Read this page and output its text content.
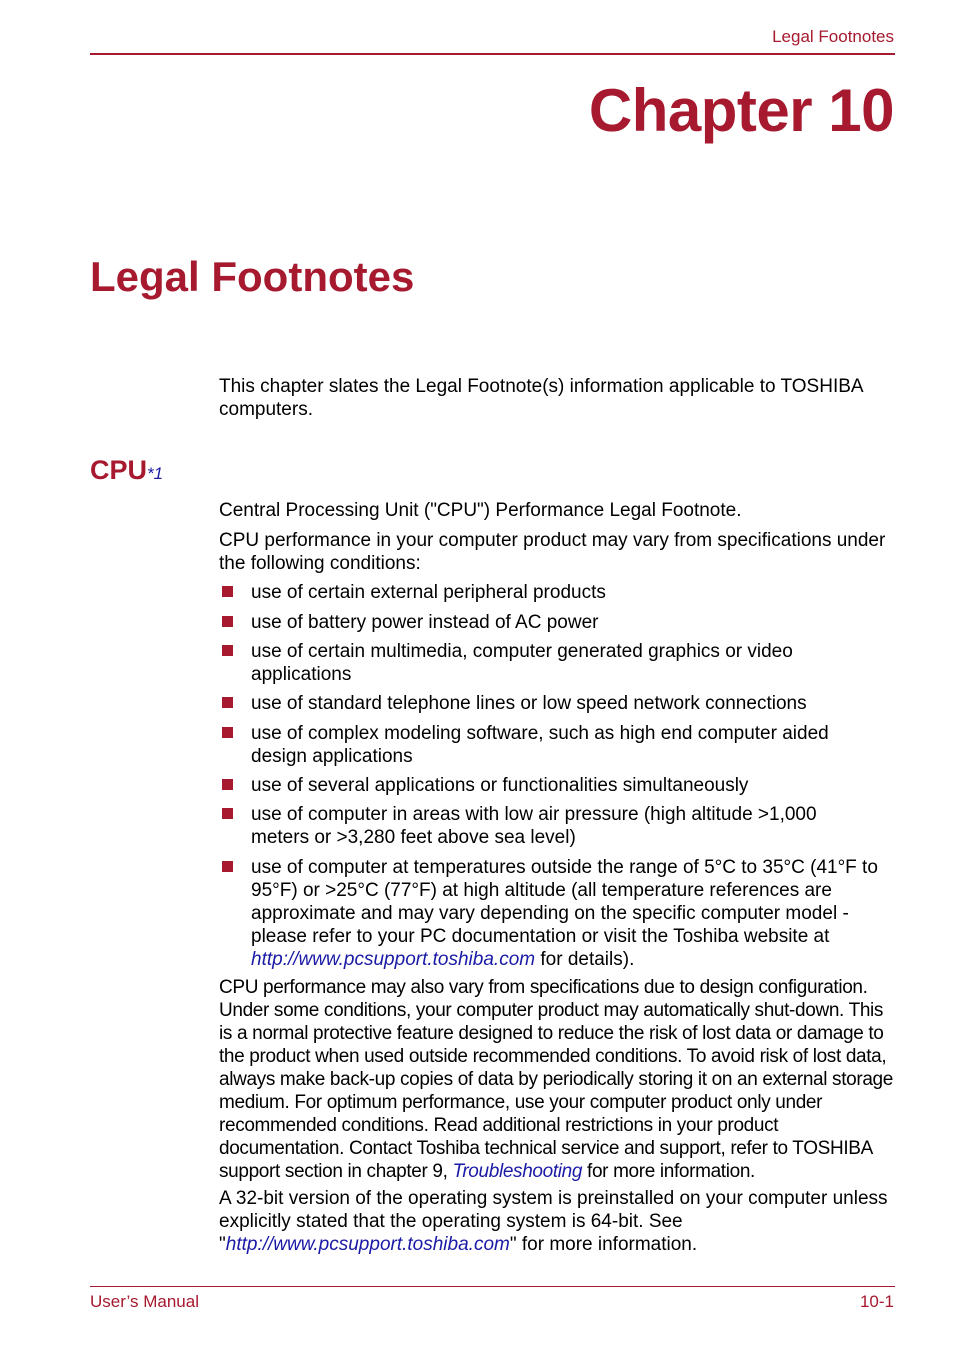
Legal Footnotes

Chapter 10
Legal Footnotes

This chapter slates the Legal Footnote(s) information applicable to TOSHIBA computers.

CPU*1

Central Processing Unit ("CPU") Performance Legal Footnote.

CPU performance in your computer product may vary from specifications under the following conditions:

use of certain external peripheral products
use of battery power instead of AC power
use of certain multimedia, computer generated graphics or video applications
use of standard telephone lines or low speed network connections
use of complex modeling software, such as high end computer aided design applications
use of several applications or functionalities simultaneously
use of computer in areas with low air pressure (high altitude >1,000 meters or >3,280 feet above sea level)
use of computer at temperatures outside the range of 5°C to 35°C (41°F to 95°F) or >25°C (77°F) at high altitude (all temperature references are approximate and may vary depending on the specific computer model - please refer to your PC documentation or visit the Toshiba website at http://www.pcsupport.toshiba.com for details).

CPU performance may also vary from specifications due to design configuration. Under some conditions, your computer product may automatically shut-down. This is a normal protective feature designed to reduce the risk of lost data or damage to the product when used outside recommended conditions. To avoid risk of lost data, always make back-up copies of data by periodically storing it on an external storage medium. For optimum performance, use your computer product only under recommended conditions. Read additional restrictions in your product documentation. Contact Toshiba technical service and support, refer to TOSHIBA support section in chapter 9, Troubleshooting for more information.

A 32-bit version of the operating system is preinstalled on your computer unless explicitly stated that the operating system is 64-bit. See "http://www.pcsupport.toshiba.com" for more information.

User’s Manual	10-1
